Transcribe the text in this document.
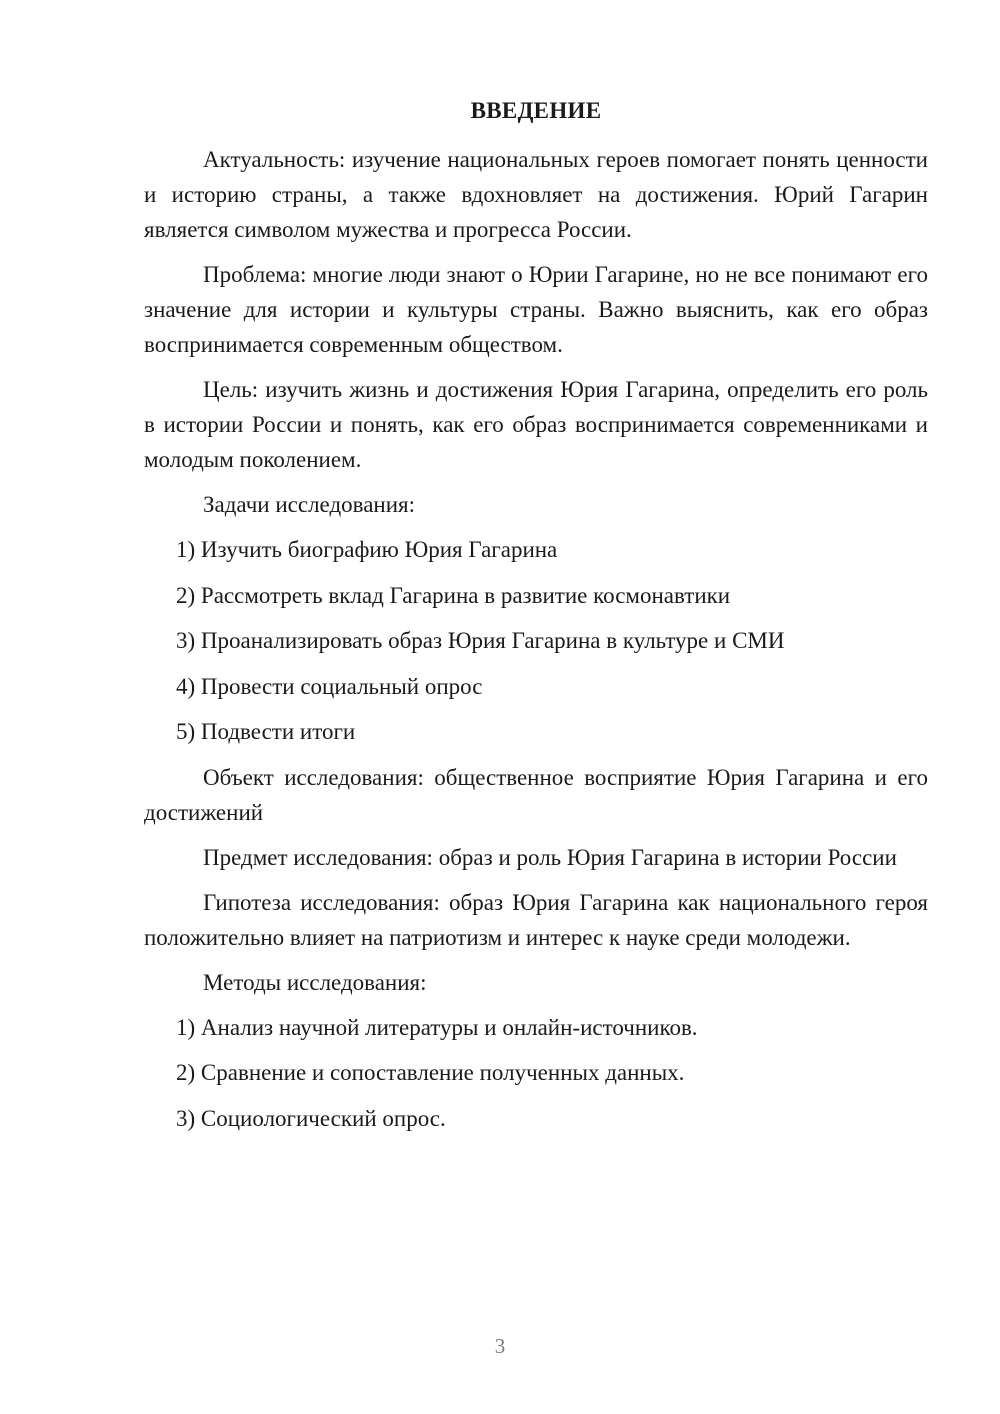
ВВЕДЕНИЕ

Актуальность: изучение национальных героев помогает понять ценности и историю страны, а также вдохновляет на достижения. Юрий Гагарин является символом мужества и прогресса России.

Проблема: многие люди знают о Юрии Гагарине, но не все понимают его значение для истории и культуры страны. Важно выяснить, как его образ воспринимается современным обществом.

Цель: изучить жизнь и достижения Юрия Гагарина, определить его роль в истории России и понять, как его образ воспринимается современниками и молодым поколением.

Задачи исследования:

1) Изучить биографию Юрия Гагарина
2) Рассмотреть вклад Гагарина в развитие космонавтики
3) Проанализировать образ Юрия Гагарина в культуре и СМИ
4) Провести социальный опрос
5) Подвести итоги

Объект исследования: общественное восприятие Юрия Гагарина и его достижений

Предмет исследования: образ и роль Юрия Гагарина в истории России

Гипотеза исследования: образ Юрия Гагарина как национального героя положительно влияет на патриотизм и интерес к науке среди молодежи.

Методы исследования:

1) Анализ научной литературы и онлайн-источников.
2) Сравнение и сопоставление полученных данных.
3) Социологический опрос.
3
